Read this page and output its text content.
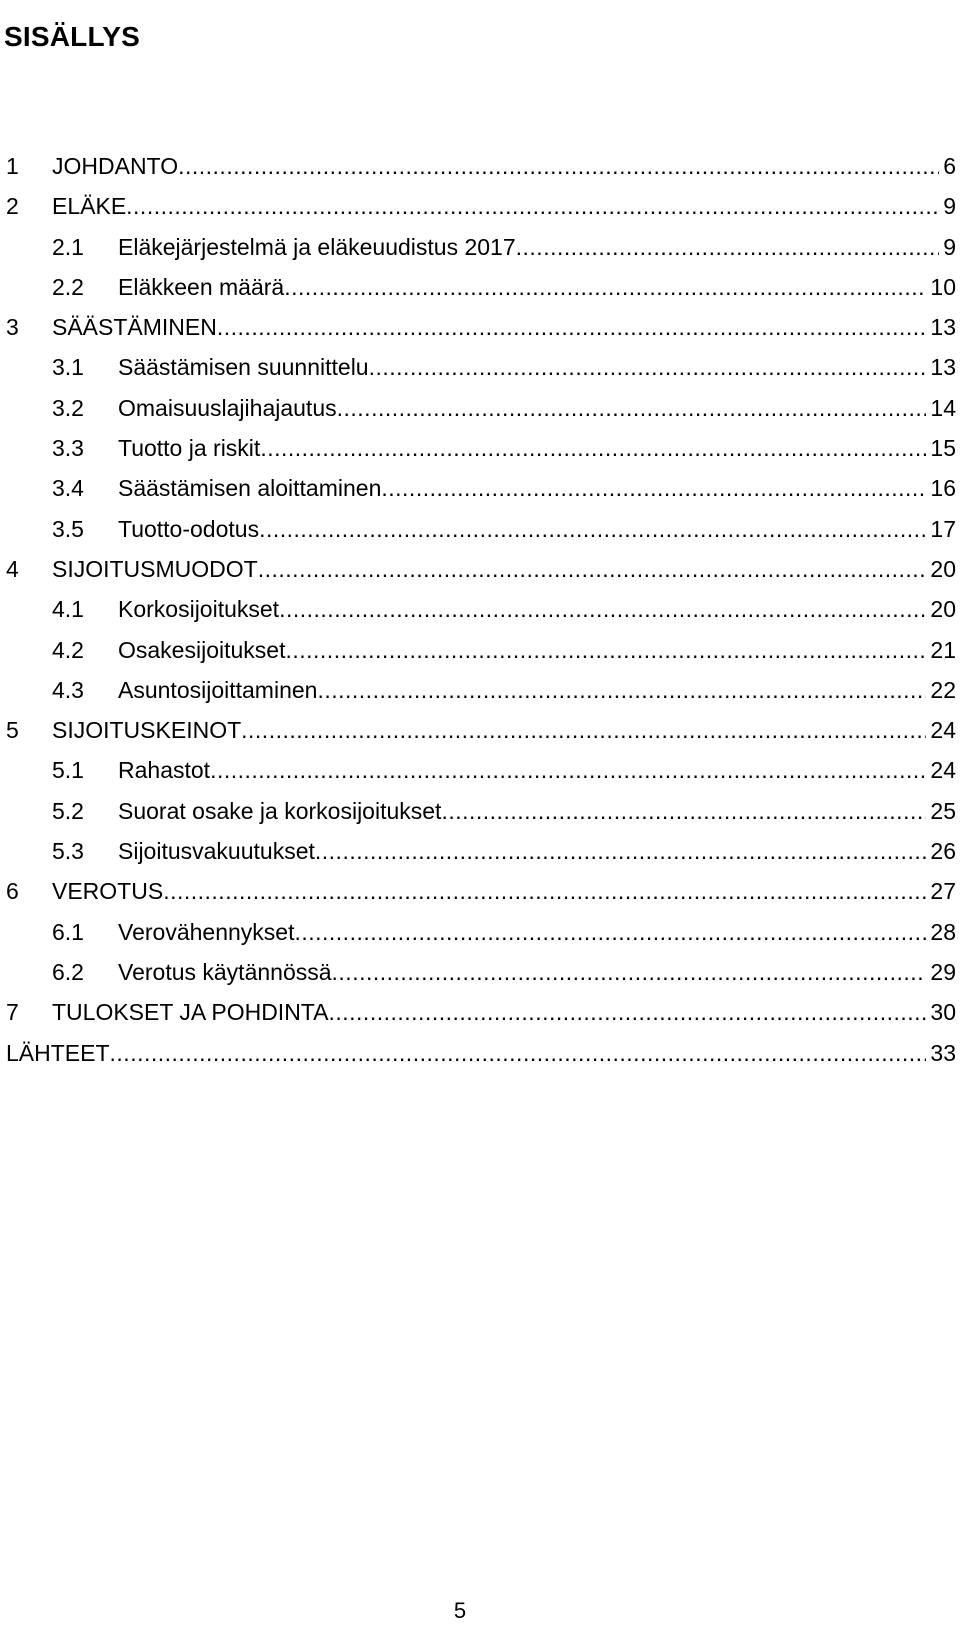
SISÄLLYS
1 JOHDANTO .....	6
2 ELÄKE .....	9
2.1 Eläkejärjestelmä ja eläkeuudistus 2017 .....	9
2.2 Eläkkeen määrä .....	10
3 SÄÄSTÄMINEN .....	13
3.1 Säästämisen suunnittelu .....	13
3.2 Omaisuuslajihajautus .....	14
3.3 Tuotto ja riskit .....	15
3.4 Säästämisen aloittaminen .....	16
3.5 Tuotto-odotus .....	17
4 SIJOITUSMUODOT .....	20
4.1 Korkosijoitukset .....	20
4.2 Osakesijoitukset .....	21
4.3 Asuntosijoittaminen .....	22
5 SIJOITUSKEINOT .....	24
5.1 Rahastot .....	24
5.2 Suorat osake ja korkosijoitukset .....	25
5.3 Sijoitusvakuutukset .....	26
6 VEROTUS .....	27
6.1 Verovähennykset .....	28
6.2 Verotus käytännössä .....	29
7 TULOKSET JA POHDINTA .....	30
LÄHTEET .....	33
5
